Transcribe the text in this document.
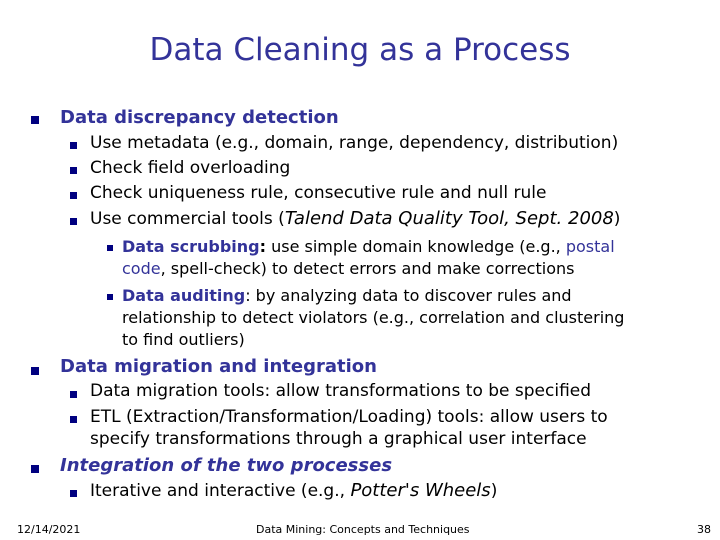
Data Cleaning as a Process
Data discrepancy detection
Use metadata (e.g., domain, range, dependency, distribution)
Check field overloading
Check uniqueness rule, consecutive rule and null rule
Use commercial tools (Talend Data Quality Tool, Sept. 2008)
Data scrubbing: use simple domain knowledge (e.g., postal
code, spell-check) to detect errors and make corrections
Data auditing: by analyzing data to discover rules and
relationship to detect violators (e.g., correlation and clustering
to find outliers)
Data migration and integration
Data migration tools: allow transformations to be specified
ETL (Extraction/Transformation/Loading) tools: allow users to
specify transformations through a graphical user interface
Integration of the two processes
Iterative and interactive (e.g., Potter's Wheels)
12/14/2021	Data Mining: Concepts and Techniques	38
